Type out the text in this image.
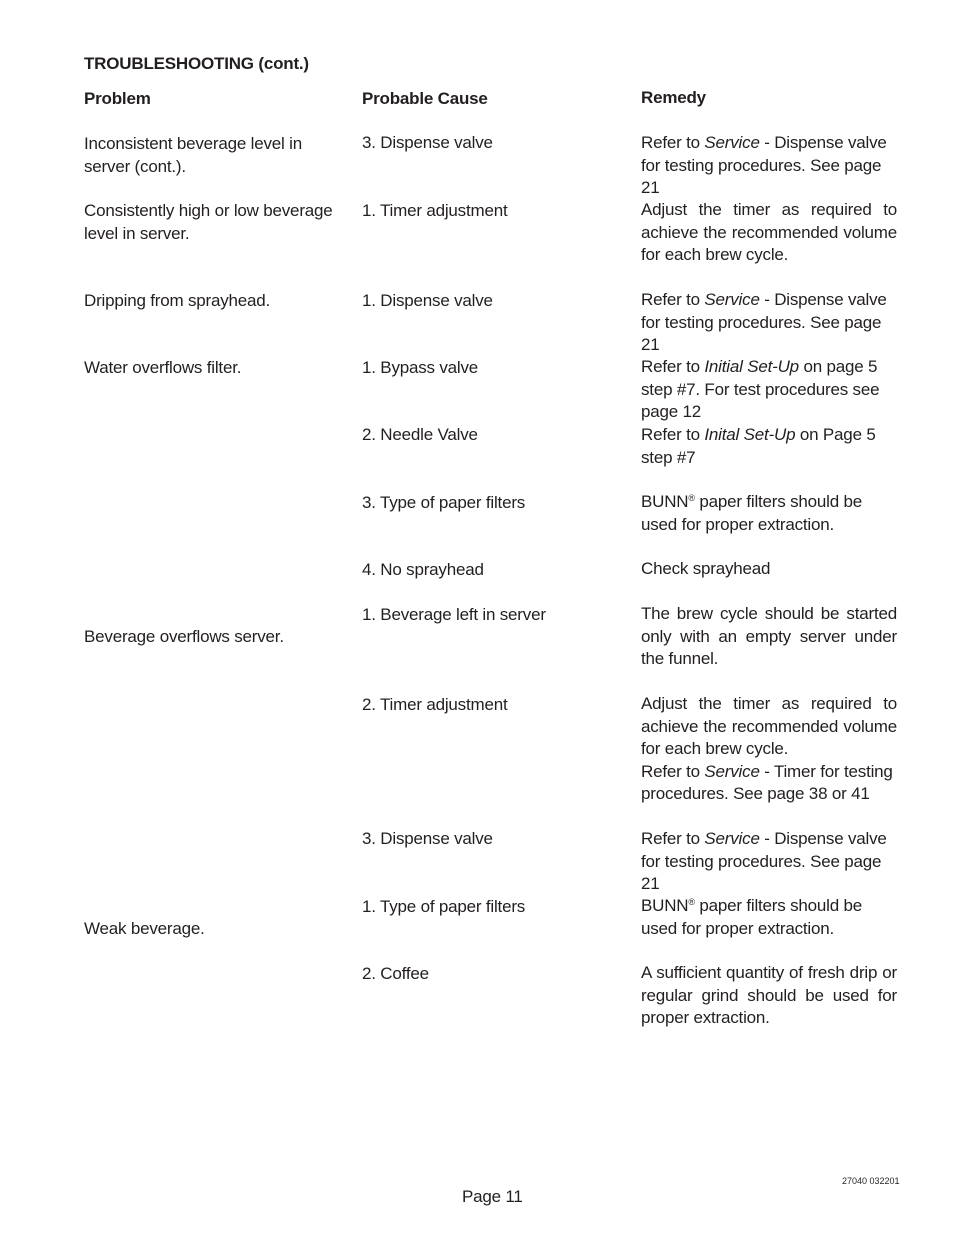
TROUBLESHOOTING (cont.)
Problem	Probable Cause	Remedy
Inconsistent beverage level in
server (cont.).
Consistently high or low beverage
level in server.
Dripping from sprayhead.
Water overflows filter.
Beverage overflows server.
Weak beverage.
3. Dispense valve
1. Timer adjustment
1. Dispense valve
1. Bypass valve
2. Needle Valve
3. Type of paper filters
4. No sprayhead
1. Beverage left in server
2. Timer adjustment
3. Dispense valve
1. Type of paper filters
2. Coffee
Refer to Service - Dispense valve for testing procedures. See page 21
Adjust the timer as required to achieve the recommended volume for each brew cycle.
Refer to Service - Dispense valve for testing procedures. See page 21
Refer to Initial Set-Up on page 5 step #7. For test procedures see page 12
Refer to Inital Set-Up on Page 5 step #7
BUNN® paper filters should be used for proper extraction.
Check sprayhead
The brew cycle should be started only with an empty server under the funnel.
Adjust the timer as required to achieve the recommended volume for each brew cycle.
Refer to Service - Timer for testing procedures. See page 38 or 41
Refer to Service - Dispense valve for testing procedures. See page 21
BUNN® paper filters should be used for proper extraction.
A sufficient quantity of fresh drip or regular grind should be used for proper extraction.
27040 032201
Page 11
